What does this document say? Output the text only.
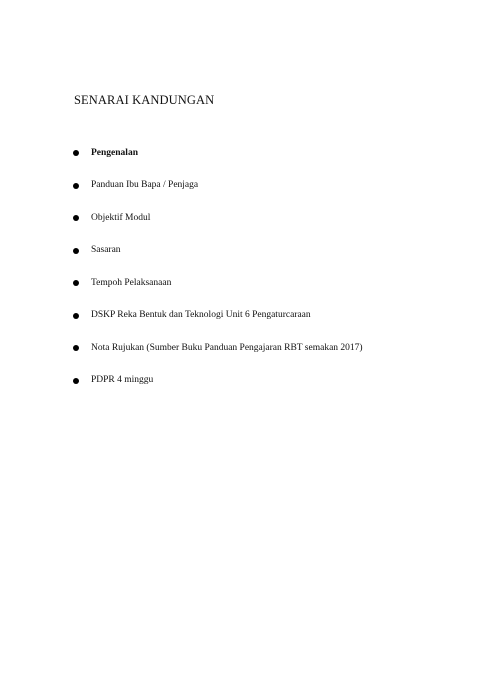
SENARAI KANDUNGAN
Pengenalan
Panduan Ibu Bapa / Penjaga
Objektif Modul
Sasaran
Tempoh Pelaksanaan
DSKP Reka Bentuk dan Teknologi Unit 6 Pengaturcaraan
Nota Rujukan (Sumber Buku Panduan Pengajaran RBT semakan 2017)
PDPR 4 minggu
